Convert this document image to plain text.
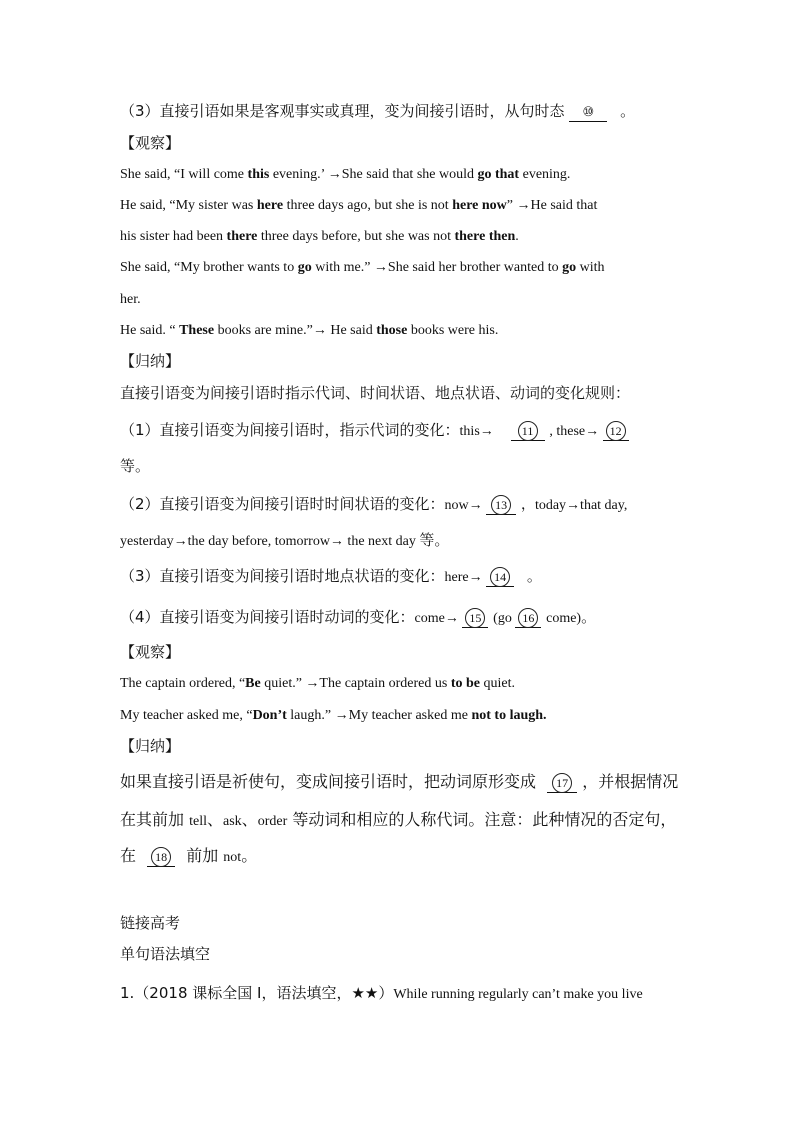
（3）直接引语如果是客观事实或真理，变为间接引语时，从句时态 ⑩ 。
【观察】
She said, “I will come this evening.’ →She said that she would go that evening.
He said, “My sister was here three days ago, but she is not here now” →He said that
his sister had been there three days before, but she was not there then.
She said, “My brother wants to go with me.” →She said her brother wanted to go with
her.
He said. “ These books are mine.”→ He said those books were his.
【归纳】
直接引语变为间接引语时指示代词、时间状语、地点状语、动词的变化规则：
（1）直接引语变为间接引语时，指示代词的变化：this→ 11 , these→ 12
等。
（2）直接引语变为间接引语时时间状语的变化：now→ 13 ，today→that day,
yesterday→the day before, tomorrow→ the next day 等。
（3）直接引语变为间接引语时地点状语的变化：here→ 14 。
（4）直接引语变为间接引语时动词的变化：come→ 15 (go 16 come)。
【观察】
The captain ordered, “Be quiet.” →The captain ordered us to be quiet.
My teacher asked me, “Don’t laugh.” →My teacher asked me not to laugh.
【归纳】
如果直接引语是祈使句，变成间接引语时，把动词原形变成 17 ，并根据情况
在其前加 tell、ask、order 等动词和相应的人称代词。注意：此种情况的否定句，
在 18 前加 not。
链接高考
单句语法填空
1.（2018 课标全国 I，语法填空，★★）While running regularly can’t make you live
